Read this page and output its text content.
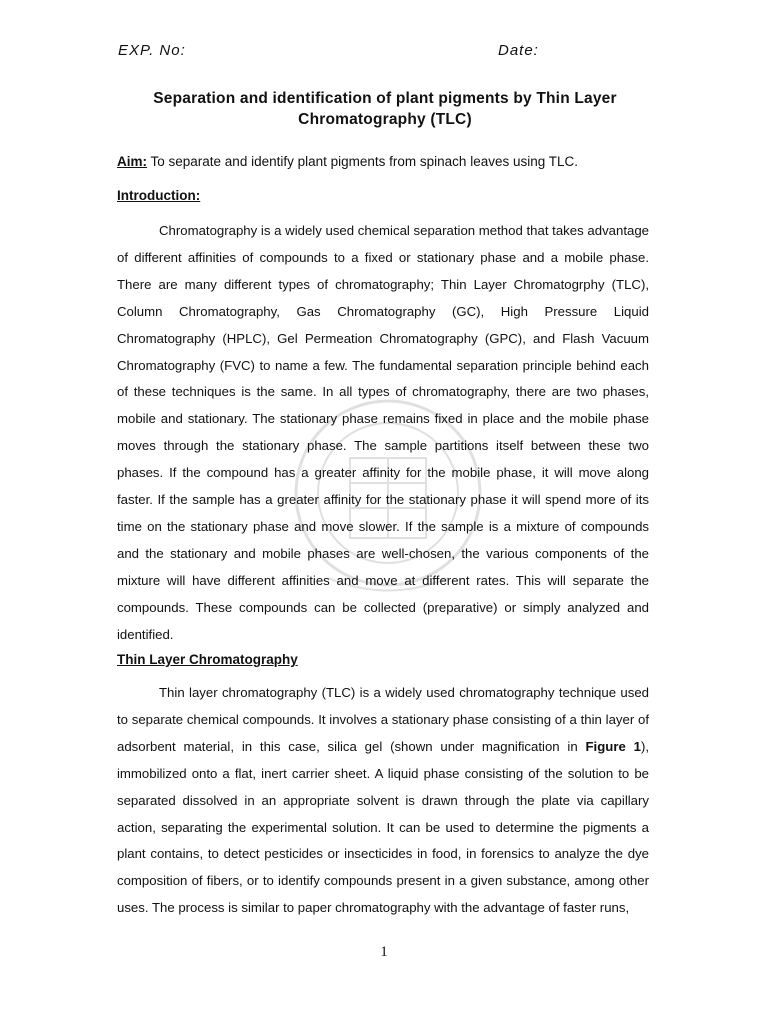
EXP. No:	Date:
Separation and identification of plant pigments by Thin Layer
Chromatography (TLC)
Aim: To separate and identify plant pigments from spinach leaves using TLC.
Introduction:
Chromatography is a widely used chemical separation method that takes advantage of different affinities of compounds to a fixed or stationary phase and a mobile phase. There are many different types of chromatography; Thin Layer Chromatogrphy (TLC), Column Chromatography, Gas Chromatography (GC), High Pressure Liquid Chromatography (HPLC), Gel Permeation Chromatography (GPC), and Flash Vacuum Chromatography (FVC) to name a few. The fundamental separation principle behind each of these techniques is the same. In all types of chromatography, there are two phases, mobile and stationary. The stationary phase remains fixed in place and the mobile phase moves through the stationary phase. The sample partitions itself between these two phases. If the compound has a greater affinity for the mobile phase, it will move along faster. If the sample has a greater affinity for the stationary phase it will spend more of its time on the stationary phase and move slower. If the sample is a mixture of compounds and the stationary and mobile phases are well-chosen, the various components of the mixture will have different affinities and move at different rates. This will separate the compounds. These compounds can be collected (preparative) or simply analyzed and identified.
Thin Layer Chromatography
Thin layer chromatography (TLC) is a widely used chromatography technique used to separate chemical compounds. It involves a stationary phase consisting of a thin layer of adsorbent material, in this case, silica gel (shown under magnification in Figure 1), immobilized onto a flat, inert carrier sheet. A liquid phase consisting of the solution to be separated dissolved in an appropriate solvent is drawn through the plate via capillary action, separating the experimental solution. It can be used to determine the pigments a plant contains, to detect pesticides or insecticides in food, in forensics to analyze the dye composition of fibers, or to identify compounds present in a given substance, among other uses. The process is similar to paper chromatography with the advantage of faster runs,
1
